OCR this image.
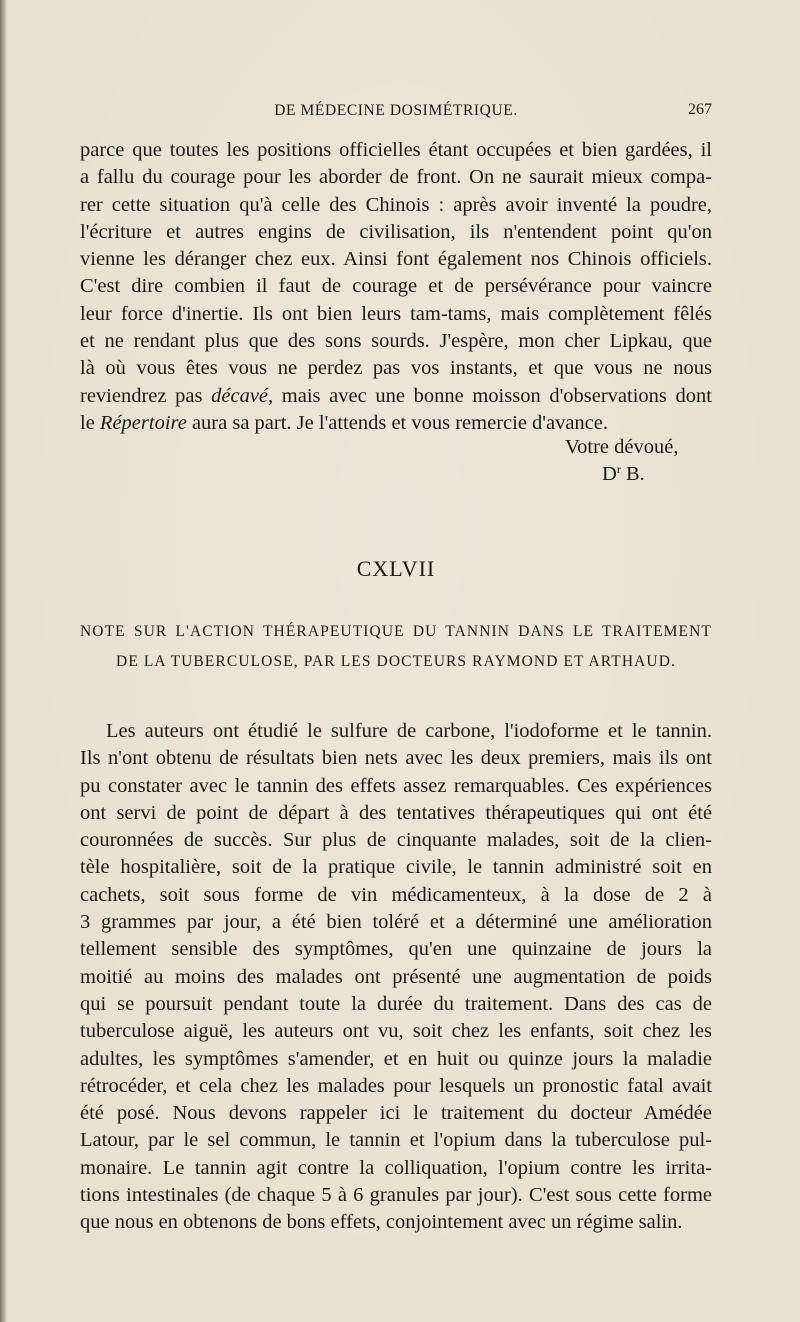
DE MÉDECINE DOSIMÉTRIQUE.	267
parce que toutes les positions officielles étant occupées et bien gardées, il
a fallu du courage pour les aborder de front. On ne saurait mieux compa-
rer cette situation qu'à celle des Chinois : après avoir inventé la poudre,
l'écriture et autres engins de civilisation, ils n'entendent point qu'on
vienne les déranger chez eux. Ainsi font également nos Chinois officiels.
C'est dire combien il faut de courage et de persévérance pour vaincre
leur force d'inertie. Ils ont bien leurs tam-tams, mais complètement fêlés
et ne rendant plus que des sons sourds. J'espère, mon cher Lipkau, que
là où vous êtes vous ne perdez pas vos instants, et que vous ne nous
reviendrez pas décavé, mais avec une bonne moisson d'observations dont
le Répertoire aura sa part. Je l'attends et vous remercie d'avance.
Votre dévoué,
$D^r$ B.
CXLVII
NOTE SUR L'ACTION THÉRAPEUTIQUE DU TANNIN DANS LE TRAITEMENT
DE LA TUBERCULOSE, PAR LES DOCTEURS RAYMOND ET ARTHAUD.
Les auteurs ont étudié le sulfure de carbone, l'iodoforme et le tannin.
Ils n'ont obtenu de résultats bien nets avec les deux premiers, mais ils ont
pu constater avec le tannin des effets assez remarquables. Ces expériences
ont servi de point de départ à des tentatives thérapeutiques qui ont été
couronnées de succès. Sur plus de cinquante malades, soit de la clien-
tèle hospitalière, soit de la pratique civile, le tannin administré soit en
cachets, soit sous forme de vin médicamenteux, à la dose de 2 à
3 grammes par jour, a été bien toléré et a déterminé une amélioration
tellement sensible des symptômes, qu'en une quinzaine de jours la
moitié au moins des malades ont présenté une augmentation de poids
qui se poursuit pendant toute la durée du traitement. Dans des cas de
tuberculose aiguë, les auteurs ont vu, soit chez les enfants, soit chez les
adultes, les symptômes s'amender, et en huit ou quinze jours la maladie
rétrocéder, et cela chez les malades pour lesquels un pronostic fatal avait
été posé. Nous devons rappeler ici le traitement du docteur Amédée
Latour, par le sel commun, le tannin et l'opium dans la tuberculose pul-
monaire. Le tannin agit contre la colliquation, l'opium contre les irrita-
tions intestinales (de chaque 5 à 6 granules par jour). C'est sous cette forme
que nous en obtenons de bons effets, conjointement avec un régime salin.
